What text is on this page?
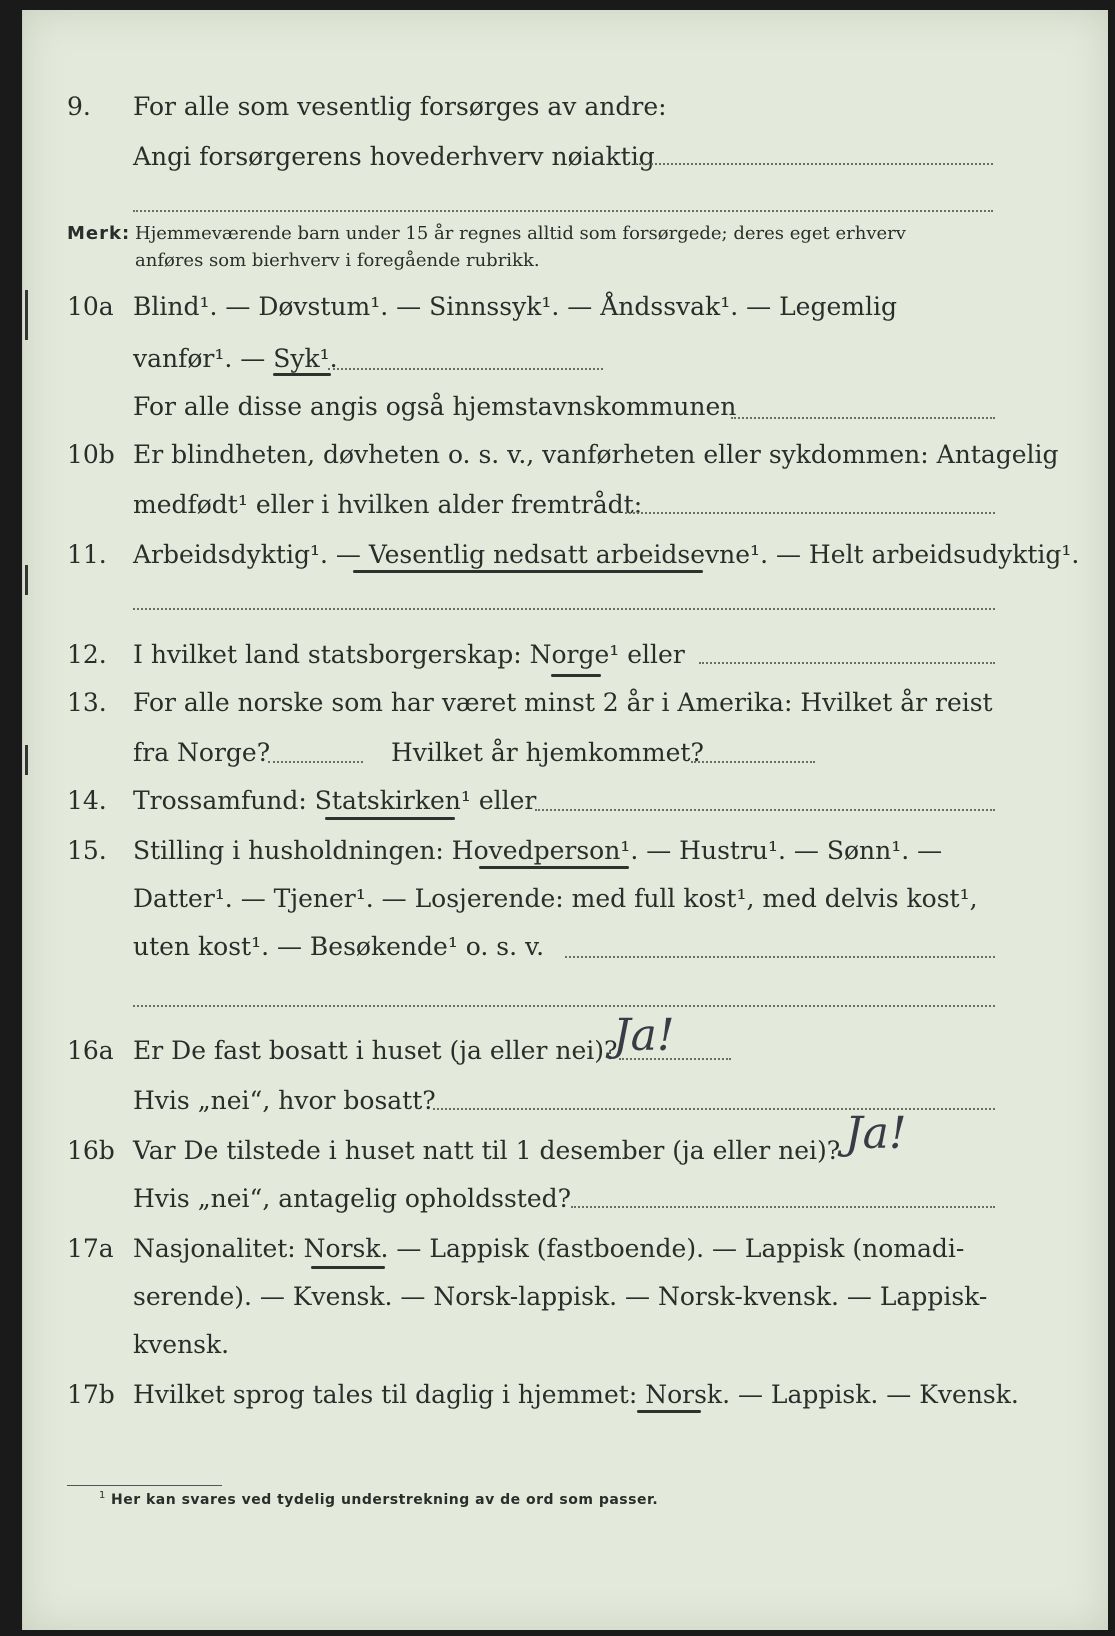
9. For alle som vesentlig forsørges av andre:
Angi forsørgerens hovederhverv nøiaktig
Merk: Hjemmeværende barn under 15 år regnes alltid som forsørgede; deres eget erhverv
anføres som bierhverv i foregående rubrikk.
10a Blind¹. — Døvstum¹. — Sinnssyk¹. — Åndssvak¹. — Legemlig
vanfør¹. — Syk¹.
For alle disse angis også hjemstavnskommunen
10b Er blindheten, døvheten o. s. v., vanførheten eller sykdommen: Antagelig
medfødt¹ eller i hvilken alder fremtrådt:
11. Arbeidsdyktig¹. — Vesentlig nedsatt arbeidsevne¹. — Helt arbeidsudyktig¹.
12. I hvilket land statsborgerskap: Norge¹ eller
13. For alle norske som har været minst 2 år i Amerika: Hvilket år reist
fra Norge?	Hvilket år hjemkommet?
14. Trossamfund: Statskirken¹ eller
15. Stilling i husholdningen: Hovedperson¹. — Hustru¹. — Sønn¹. —
Datter¹. — Tjener¹. — Losjerende: med full kost¹, med delvis kost¹,
uten kost¹. — Besøkende¹ o. s. v.
16a Er De fast bosatt i huset (ja eller nei)?
Ja!
Hvis „nei“, hvor bosatt?
16b Var De tilstede i huset natt til 1 desember (ja eller nei)? Ja!
Hvis „nei“, antagelig opholdssted?
17a Nasjonalitet: Norsk. — Lappisk (fastboende). — Lappisk (nomadi-
serende). — Kvensk. — Norsk-lappisk. — Norsk-kvensk. — Lappisk-
kvensk.
17b Hvilket sprog tales til daglig i hjemmet: Norsk. — Lappisk. — Kvensk.
1 Her kan svares ved tydelig understrekning av de ord som passer.
